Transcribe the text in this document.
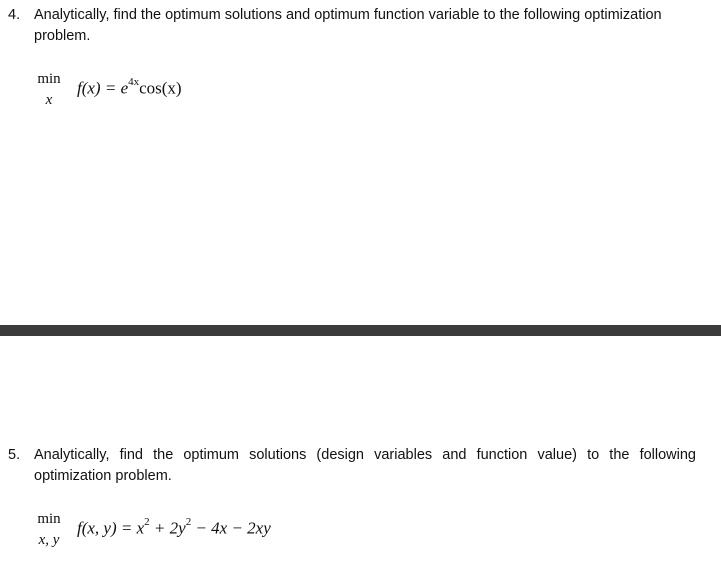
4. Analytically, find the optimum solutions and optimum function variable to the following optimization problem.
min
x
$f(x) = e^{4x}\cos(x)$
5. Analytically, find the optimum solutions (design variables and function value) to the following optimization problem.
min
x, y
f(x, $y) = x^2 + 2y^2 - 4x - 2xy$
